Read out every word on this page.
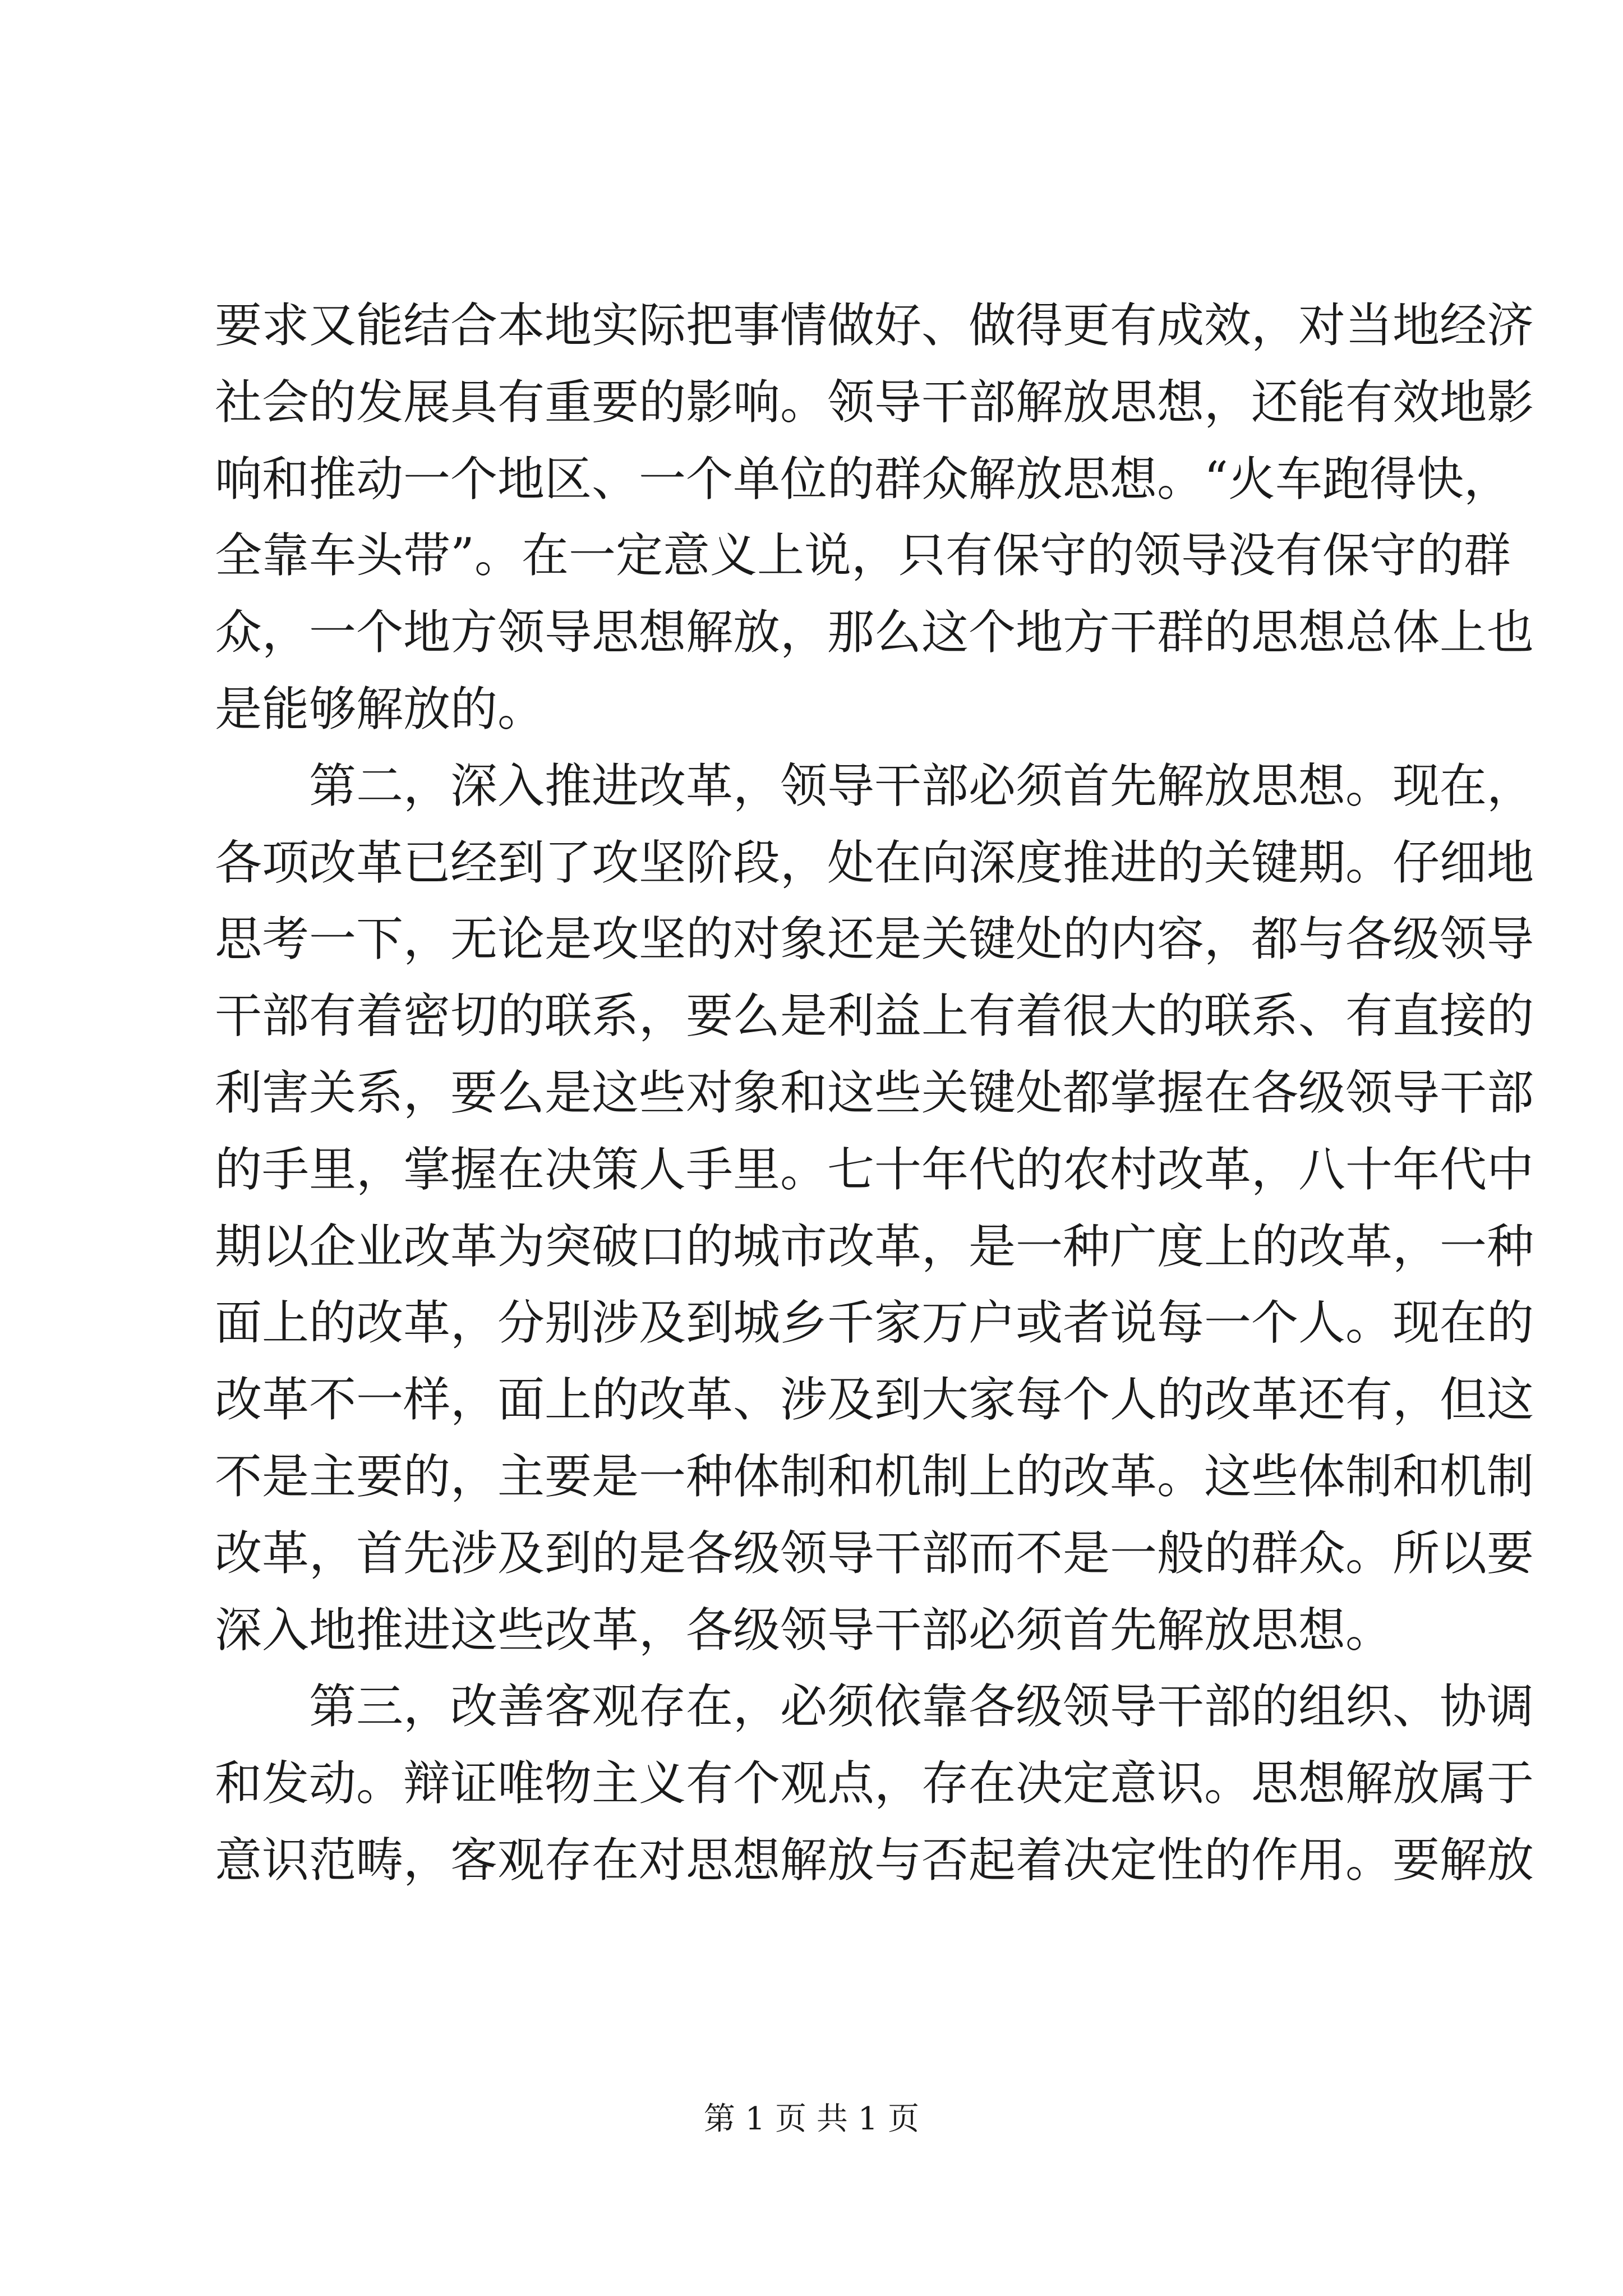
要求又能结合本地实际把事情做好、做得更有成效，对当地经济
社会的发展具有重要的影响。领导干部解放思想，还能有效地影
响和推动一个地区、一个单位的群众解放思想。“火车跑得快，
全靠车头带”。在一定意义上说，只有保守的领导没有保守的群
众，一个地方领导思想解放，那么这个地方干群的思想总体上也
是能够解放的。
第二，深入推进改革，领导干部必须首先解放思想。现在，
各项改革已经到了攻坚阶段，处在向深度推进的关键期。仔细地
思考一下，无论是攻坚的对象还是关键处的内容，都与各级领导
干部有着密切的联系，要么是利益上有着很大的联系、有直接的
利害关系，要么是这些对象和这些关键处都掌握在各级领导干部
的手里，掌握在决策人手里。七十年代的农村改革，八十年代中
期以企业改革为突破口的城市改革，是一种广度上的改革，一种
面上的改革，分别涉及到城乡千家万户或者说每一个人。现在的
改革不一样，面上的改革、涉及到大家每个人的改革还有，但这
不是主要的，主要是一种体制和机制上的改革。这些体制和机制
改革，首先涉及到的是各级领导干部而不是一般的群众。所以要
深入地推进这些改革，各级领导干部必须首先解放思想。
第三，改善客观存在，必须依靠各级领导干部的组织、协调
和发动。辩证唯物主义有个观点，存在决定意识。思想解放属于
意识范畴，客观存在对思想解放与否起着决定性的作用。要解放
第 1 页 共 1 页
